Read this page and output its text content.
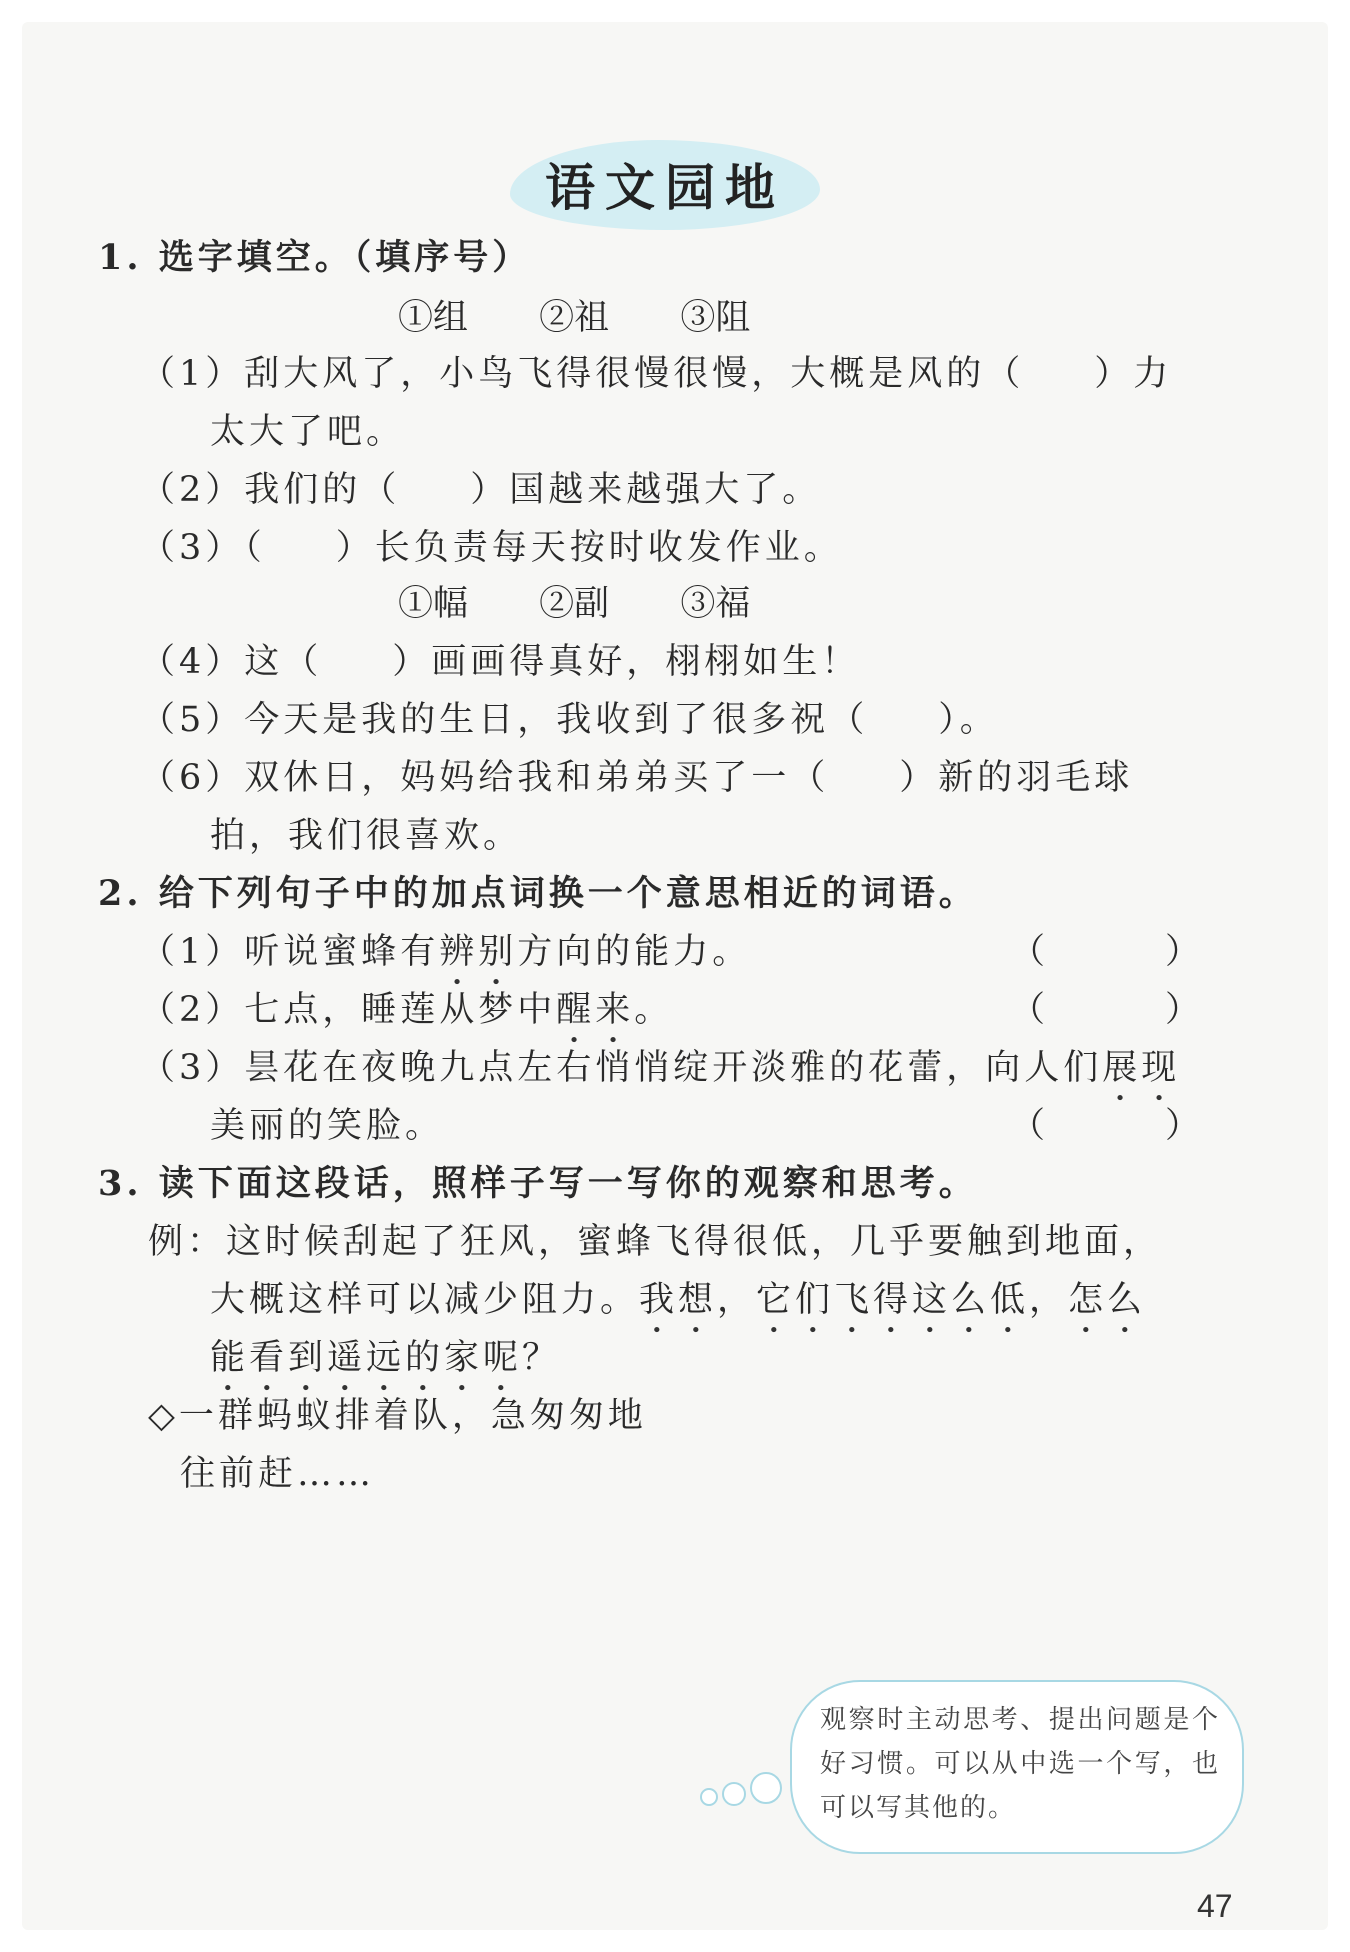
语文园地
1. 选字填空。（填序号）
①组 ②祖 ③阻
（1）刮大风了，小鸟飞得很慢很慢，大概是风的（ ）力
太大了吧。
（2）我们的（ ）国越来越强大了。
（3）（ ）长负责每天按时收发作业。
①幅 ②副 ③福
（4）这（ ）画画得真好，栩栩如生！
（5）今天是我的生日，我收到了很多祝（ ）。
（6）双休日，妈妈给我和弟弟买了一（ ）新的羽毛球
拍，我们很喜欢。
2. 给下列句子中的加点词换一个意思相近的词语。
（1）听说蜜蜂有辨别方向的能力。	（	）
（2）七点，睡莲从梦中醒来。	（	）
（3）昙花在夜晚九点左右悄悄绽开淡雅的花蕾，向人们展现
美丽的笑脸。	（	）
3. 读下面这段话，照样子写一写你的观察和思考。
例：这时候刮起了狂风，蜜蜂飞得很低，几乎要触到地面，
大概这样可以减少阻力。我想，它们飞得这么低，怎么
能看到遥远的家呢？
◇一群蚂蚁排着队，急匆匆地
往前赶……
观察时主动思考、提出问题是个好习惯。可以从中选一个写，也可以写其他的。
47
